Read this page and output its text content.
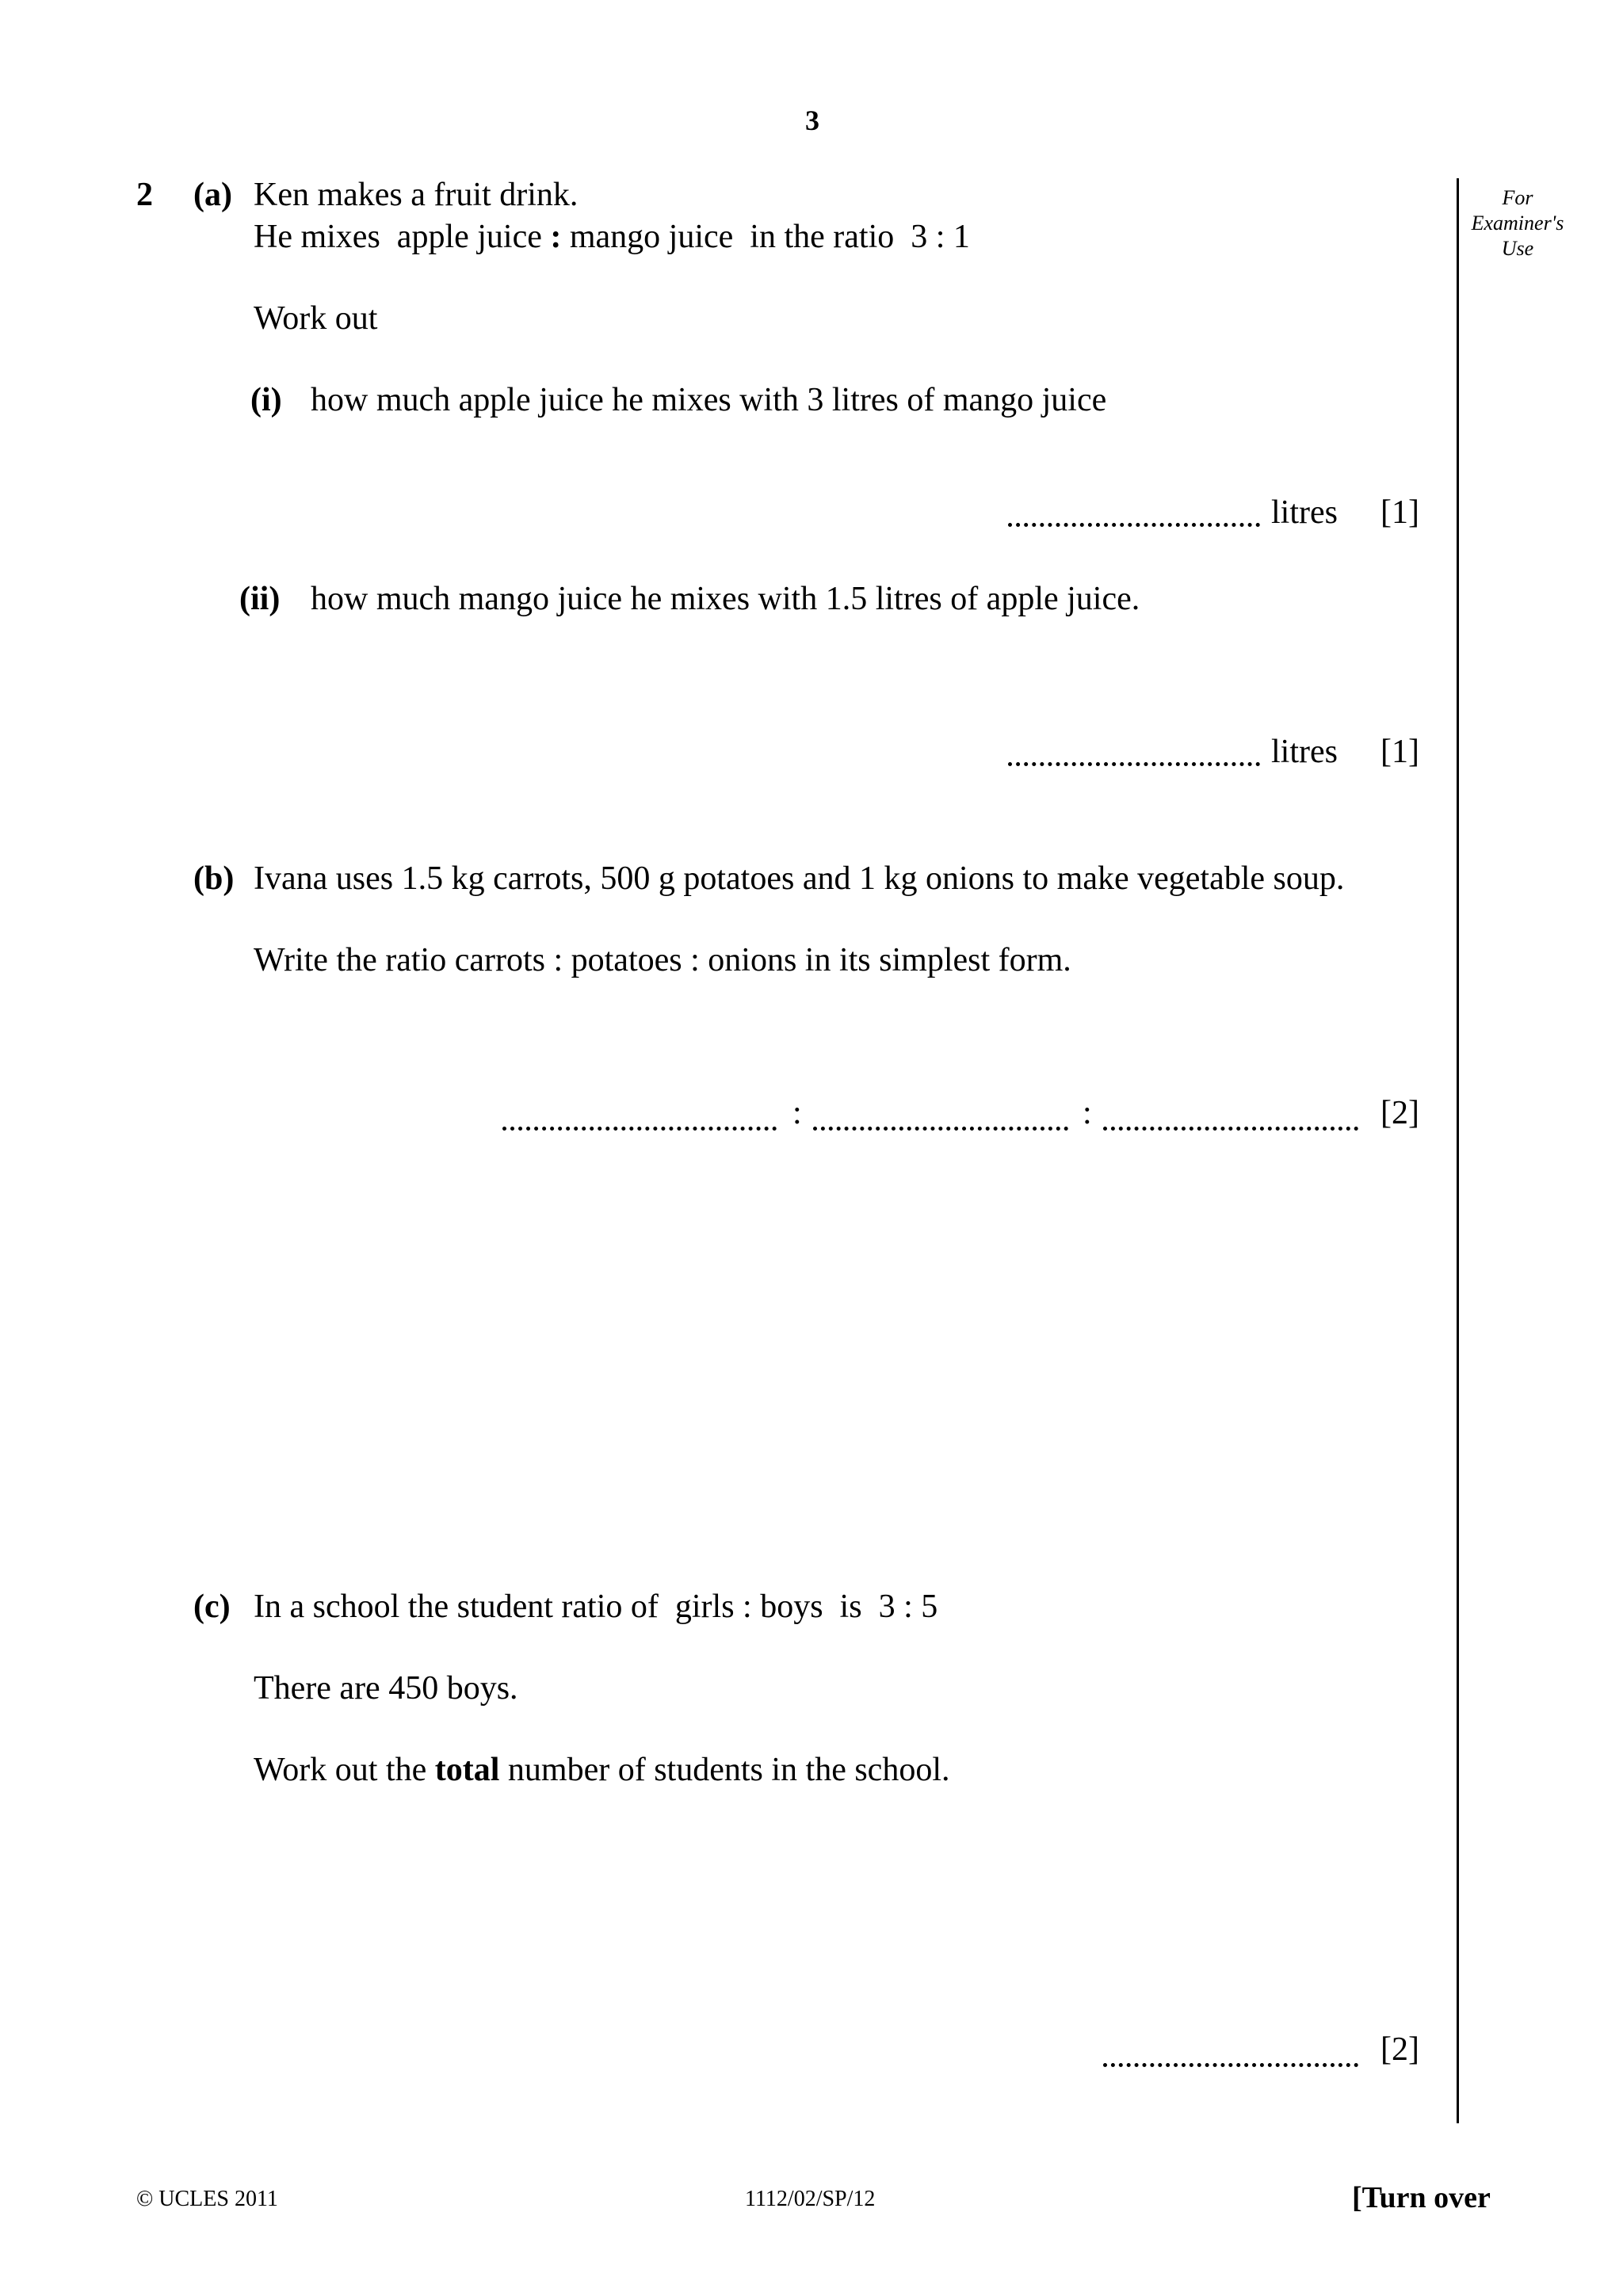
3
For
Examiner's
Use
2 (a) Ken makes a fruit drink.
He mixes  apple juice : mango juice  in the ratio  3 : 1
Work out
(i) how much apple juice he mixes with 3 litres of mango juice
litres [1]
(ii) how much mango juice he mixes with 1.5 litres of apple juice.
litres [1]
(b) Ivana uses 1.5 kg carrots, 500 g potatoes and 1 kg onions to make vegetable soup.
Write the ratio carrots : potatoes : onions in its simplest form.
:	:	[2]
(c) In a school the student ratio of  girls : boys  is  3 : 5
There are 450 boys.
Work out the total number of students in the school.
[2]
© UCLES 2011	1112/02/SP/12	[Turn over
